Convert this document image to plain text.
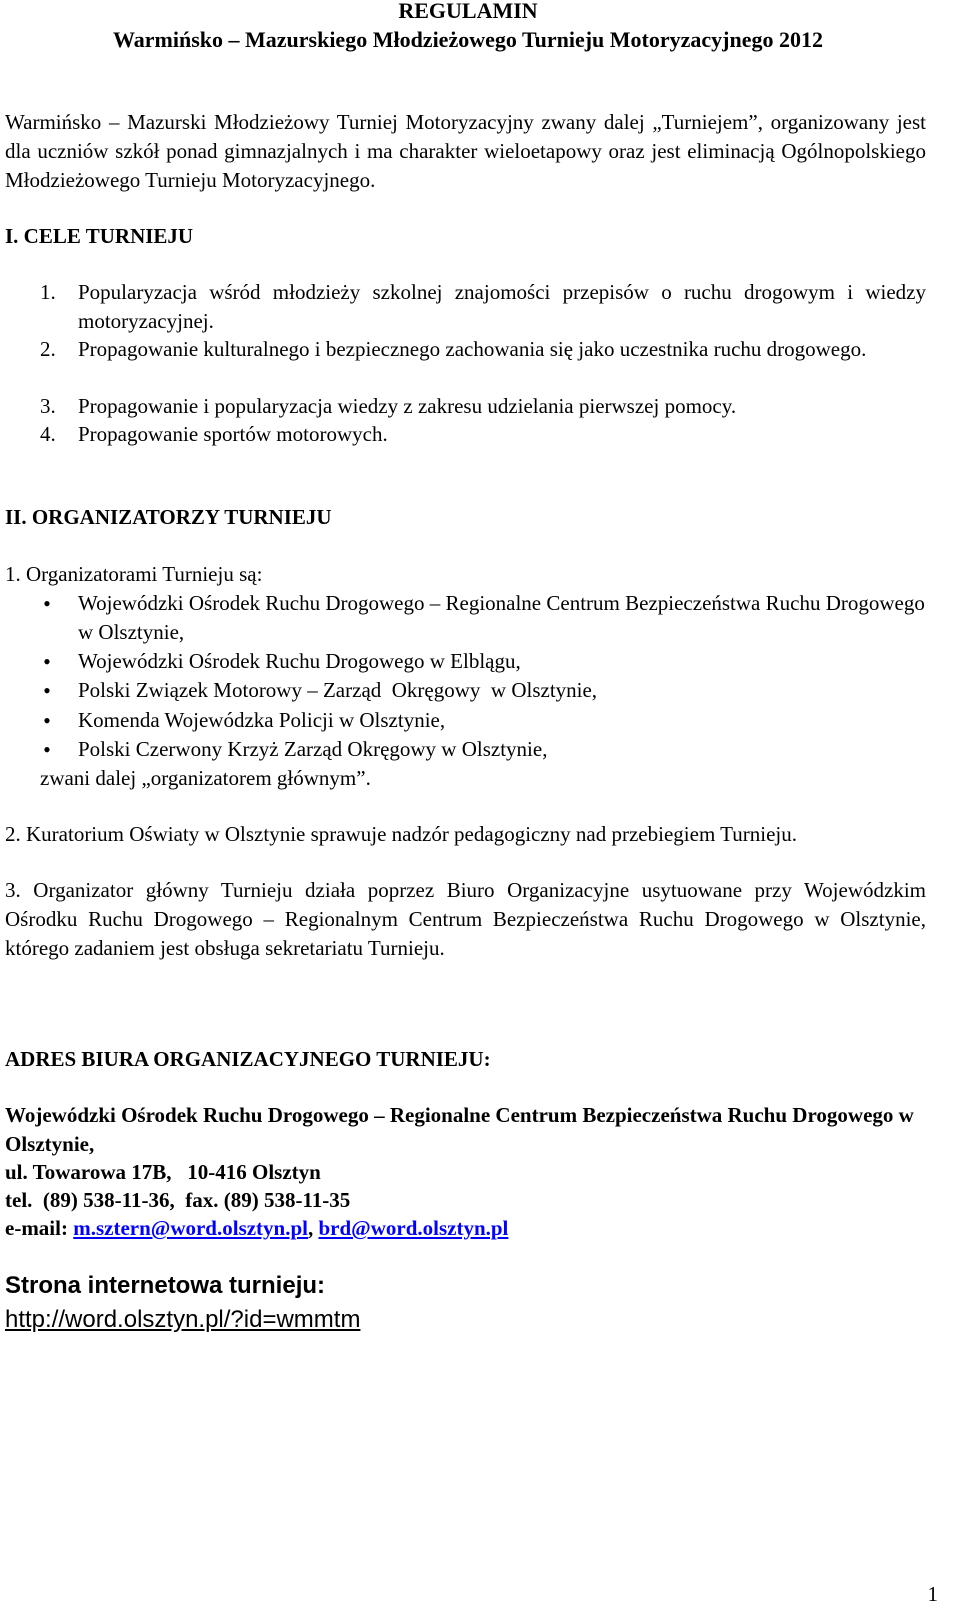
REGULAMIN

Warmińsko – Mazurskiego Młodzieżowego Turnieju Motoryzacyjnego 2012

Warmińsko – Mazurski Młodzieżowy Turniej Motoryzacyjny zwany dalej „Turniejem”, organizowany jest dla uczniów szkół ponad gimnazjalnych i ma charakter wieloetapowy oraz jest eliminacją Ogólnopolskiego Młodzieżowego Turnieju Motoryzacyjnego.

I. CELE TURNIEJU

1. Popularyzacja wśród młodzieży szkolnej znajomości przepisów o ruchu drogowym i wiedzy motoryzacyjnej.
2. Propagowanie kulturalnego i bezpiecznego zachowania się jako uczestnika ruchu drogowego.
3. Propagowanie i popularyzacja wiedzy z zakresu udzielania pierwszej pomocy.
4. Propagowanie sportów motorowych.

II. ORGANIZATORZY TURNIEJU

1. Organizatorami Turnieju są:

• Wojewódzki Ośrodek Ruchu Drogowego – Regionalne Centrum Bezpieczeństwa Ruchu Drogowego w Olsztynie,
• Wojewódzki Ośrodek Ruchu Drogowego w Elblągu,
• Polski Związek Motorowy – Zarząd  Okręgowy  w Olsztynie,
• Komenda Wojewódzka Policji w Olsztynie,
• Polski Czerwony Krzyż Zarząd Okręgowy w Olsztynie,

zwani dalej „organizatorem głównym”.

2. Kuratorium Oświaty w Olsztynie sprawuje nadzór pedagogiczny nad przebiegiem Turnieju.

3. Organizator główny Turnieju działa poprzez Biuro Organizacyjne usytuowane przy Wojewódzkim Ośrodku Ruchu Drogowego – Regionalnym Centrum Bezpieczeństwa Ruchu Drogowego w Olsztynie, którego zadaniem jest obsługa sekretariatu Turnieju.

ADRES BIURA ORGANIZACYJNEGO TURNIEJU:

Wojewódzki Ośrodek Ruchu Drogowego – Regionalne Centrum Bezpieczeństwa Ruchu Drogowego w Olsztynie,

ul. Towarowa 17B,   10-416 Olsztyn

tel.  (89) 538-11-36,  fax. (89) 538-11-35

e-mail: m.sztern@word.olsztyn.pl, brd@word.olsztyn.pl

Strona internetowa turnieju:

http://word.olsztyn.pl/?id=wmmtm

1
